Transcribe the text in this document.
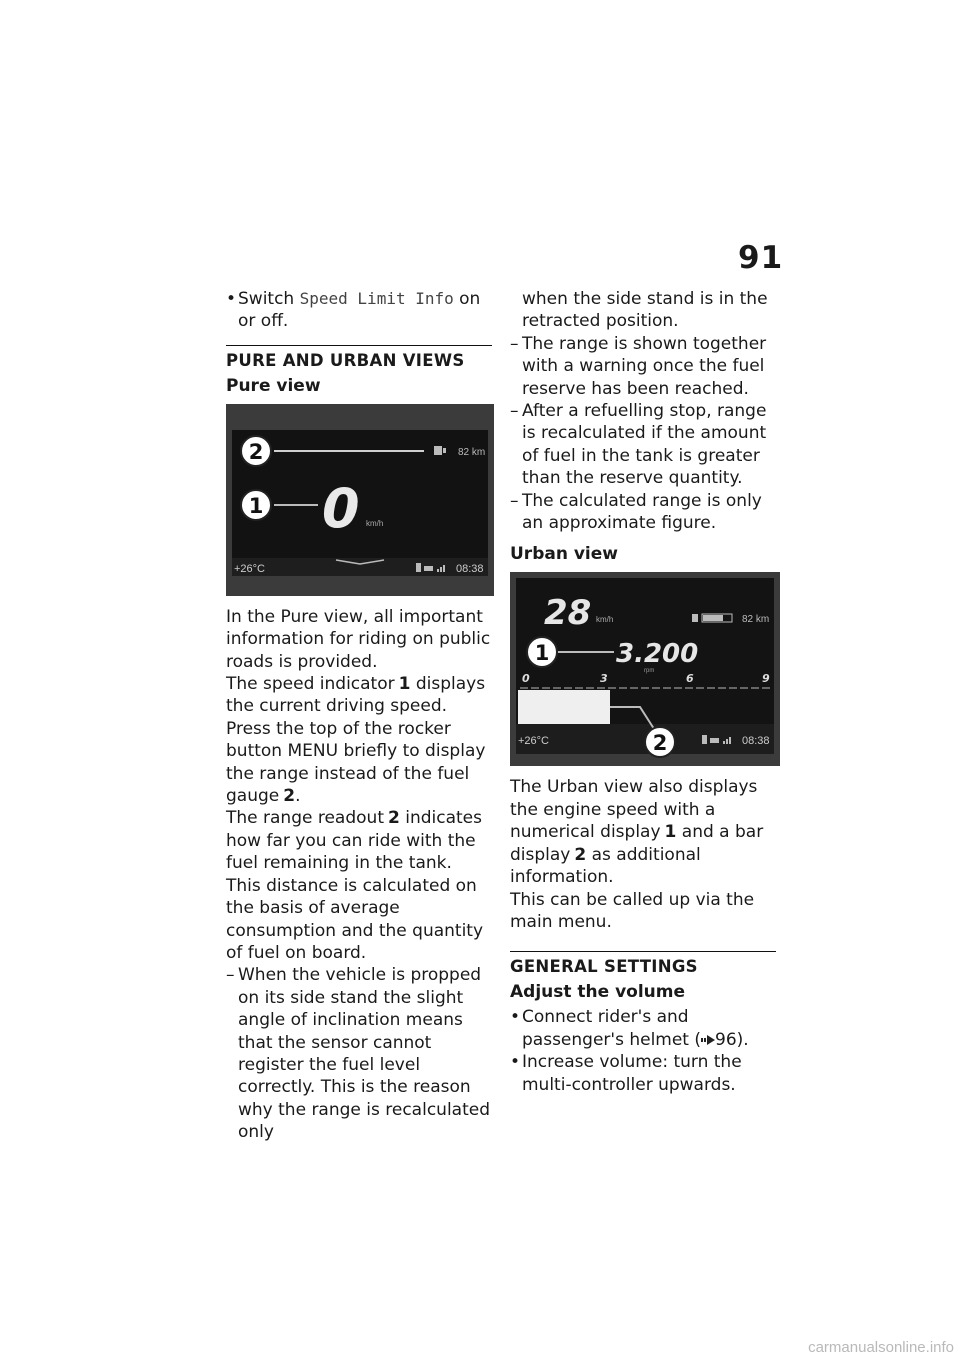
91
• Switch Speed Limit Info on or off.
PURE AND URBAN VIEWS
Pure view
82 km
0 km/h
+26°C	08:38
2
1

In the Pure view, all important information for riding on public roads is provided.

The speed indicator 1 displays the current driving speed.

Press the top of the rocker button MENU briefly to display the range instead of the fuel gauge 2.

The range readout 2 indicates how far you can ride with the fuel remaining in the tank. This distance is calculated on the basis of average consumption and the quantity of fuel on board.

– When the vehicle is propped on its side stand the slight angle of inclination means that the sensor cannot register the fuel level correctly. This is the reason why the range is recalculated only
when the side stand is in the retracted position.
– The range is shown together with a warning once the fuel reserve has been reached.
– After a refuelling stop, range is recalculated if the amount of fuel in the tank is greater than the reserve quantity.
– The calculated range is only an approximate figure.
Urban view
28 km/h	82 km
3.200
rpm
0	3	6	9
+26°C	08:38
1
2

The Urban view also displays the engine speed with a numerical display 1 and a bar display 2 as additional information.

This can be called up via the main menu.

GENERAL SETTINGS
Adjust the volume
• Connect rider's and passenger's helmet ( 96).
• Increase volume: turn the multi-controller upwards.
carmanualsonline.info
